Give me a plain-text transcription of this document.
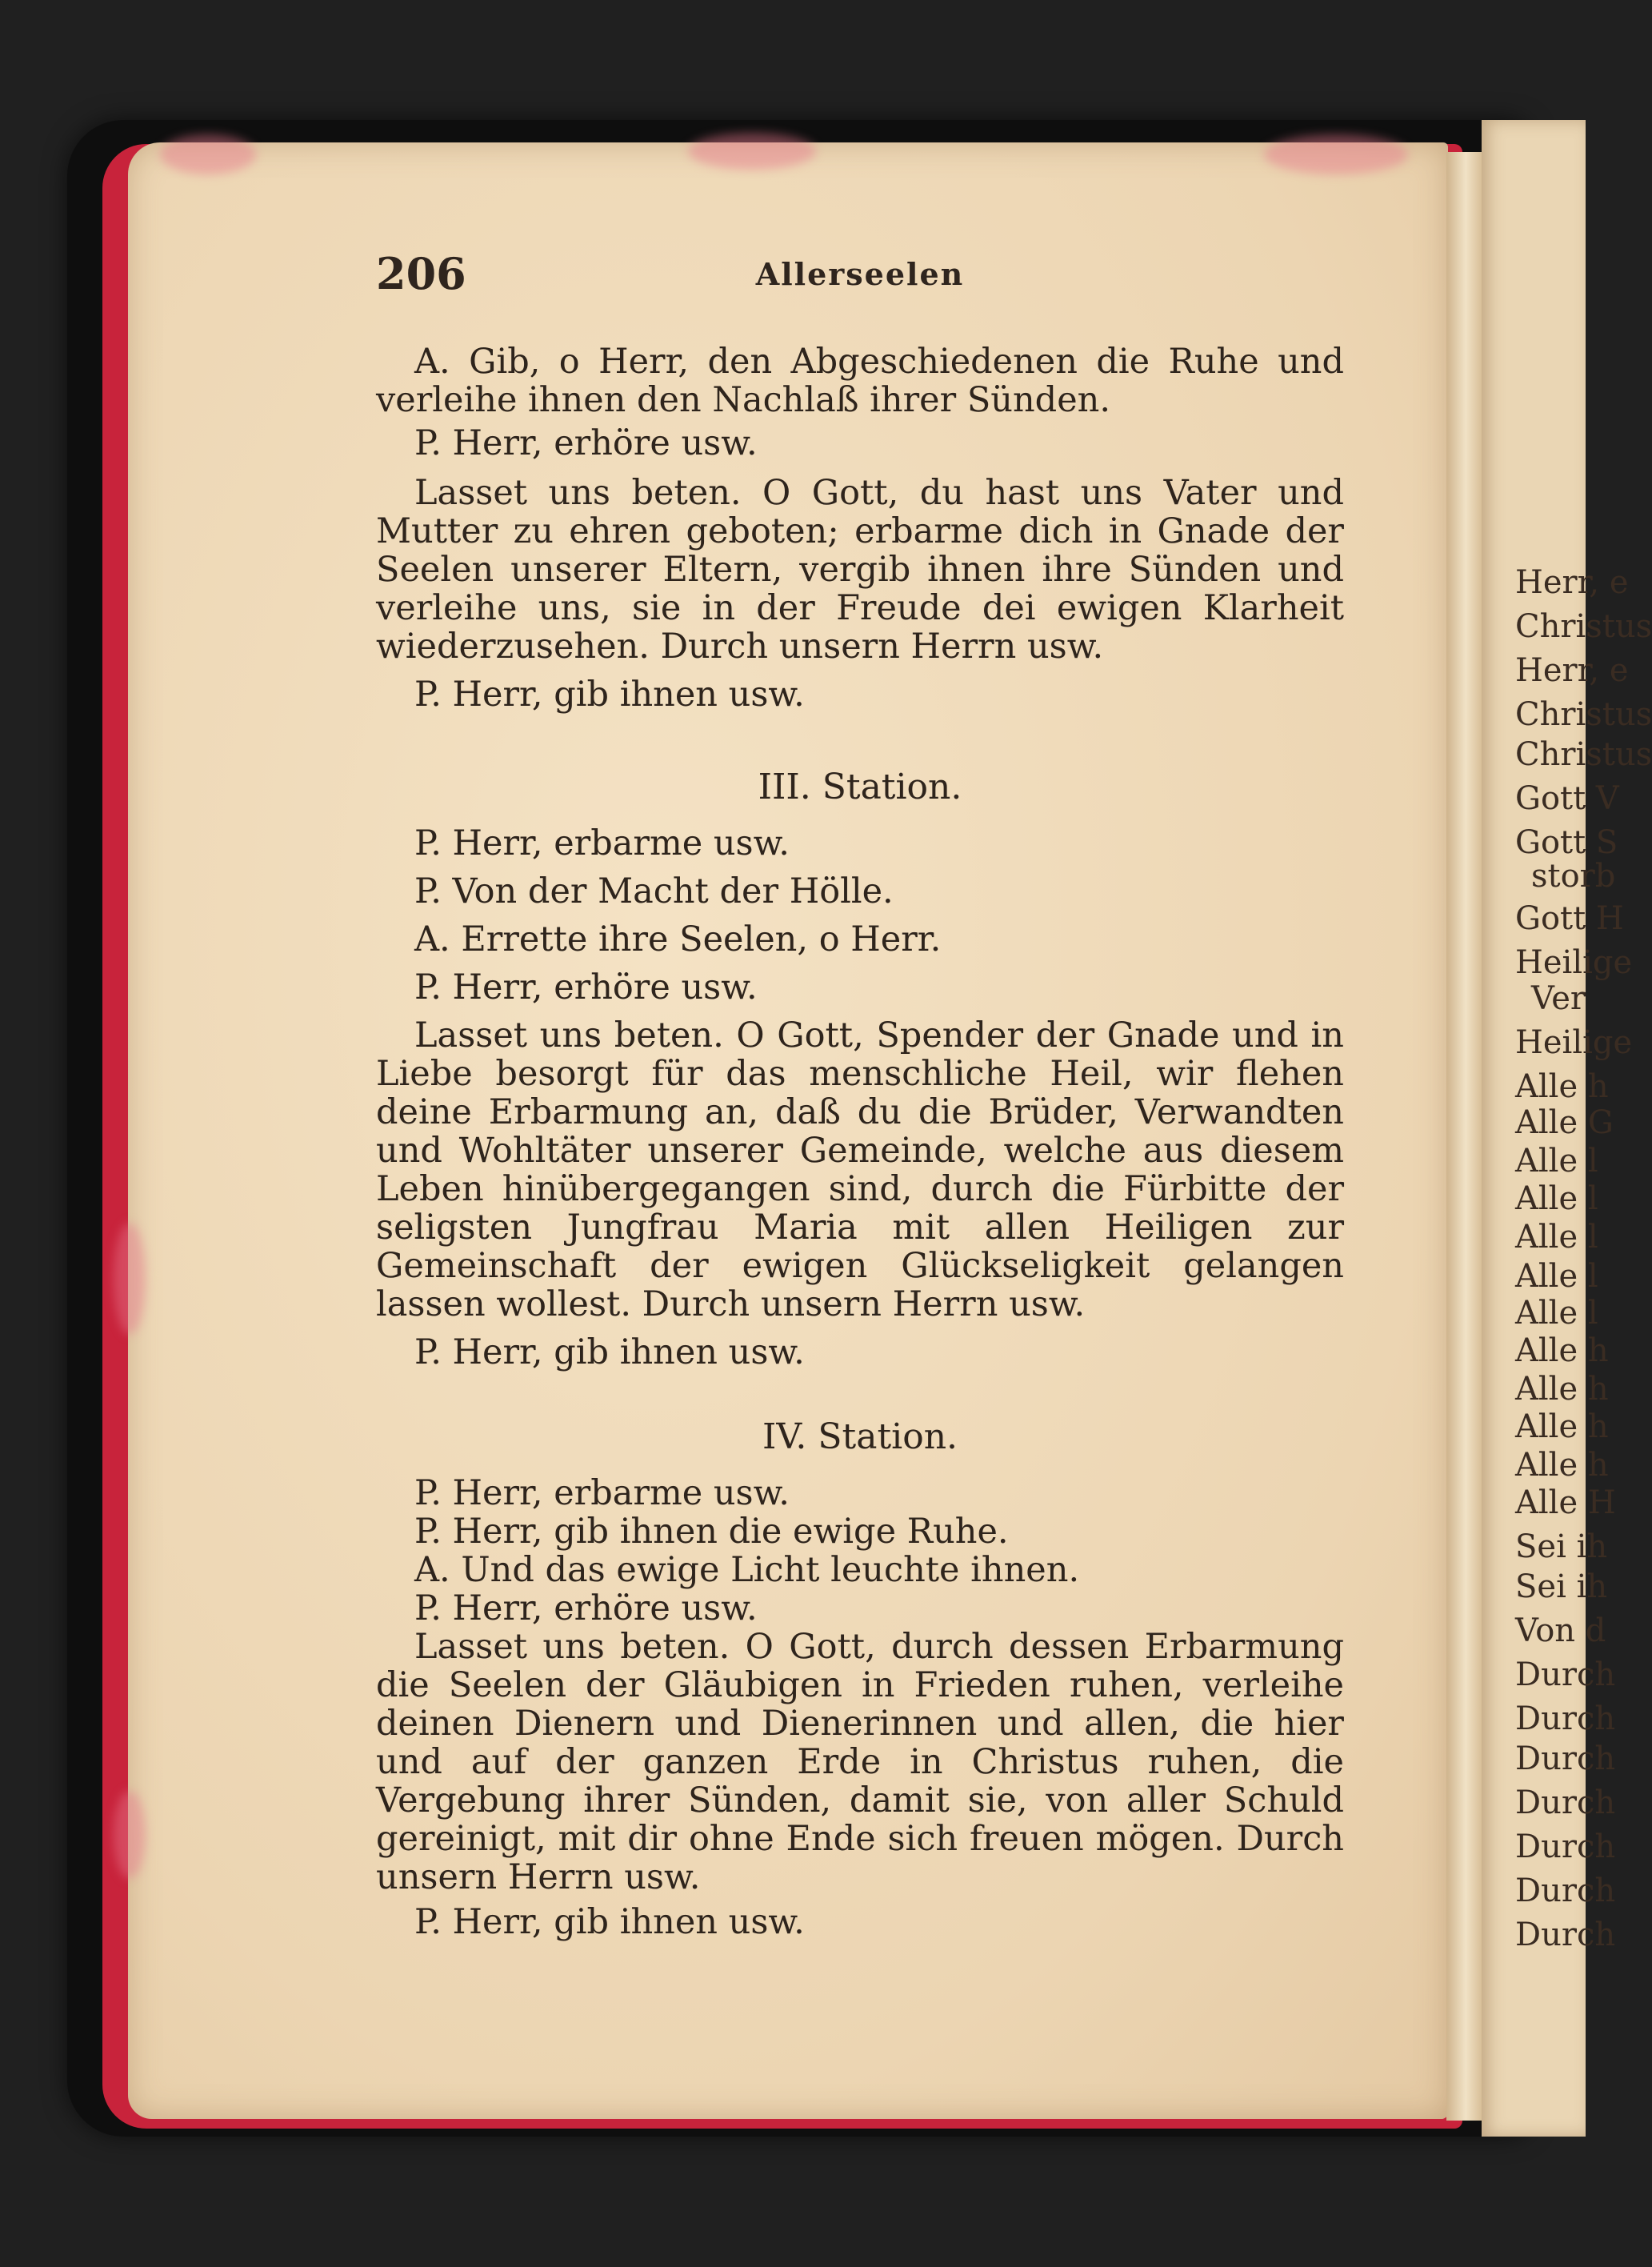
Herr, e
Christus
Herr, e
Christus
Christus
Gott V
Gott S
storb
Gott H
Heilige
Ver
Heilige
Alle h
Alle G
Alle l
Alle l
Alle l
Alle l
Alle l
Alle h
Alle h
Alle h
Alle h
Alle H
Sei ih
Sei ih
Von d
Durch
Durch
Durch
Durch
Durch
Durch
Durch
206	Allerseelen

A. Gib, o Herr, den Abgeschiedenen die Ruhe und verleihe ihnen den Nachlaß ihrer Sünden.

P. Herr, erhöre usw.

Lasset uns beten. O Gott, du hast uns Vater und Mutter zu ehren geboten; erbarme dich in Gnade der Seelen unserer Eltern, vergib ihnen ihre Sünden und verleihe uns, sie in der Freude dei ewigen Klarheit wiederzusehen. Durch unsern Herrn usw.

P. Herr, gib ihnen usw.

III. Station.

P. Herr, erbarme usw.

P. Von der Macht der Hölle.

A. Errette ihre Seelen, o Herr.

P. Herr, erhöre usw.

Lasset uns beten. O Gott, Spender der Gnade und in Liebe besorgt für das menschliche Heil, wir flehen deine Erbarmung an, daß du die Brüder, Verwandten und Wohltäter unserer Gemeinde, welche aus diesem Leben hinübergegangen sind, durch die Fürbitte der seligsten Jungfrau Maria mit allen Heiligen zur Gemeinschaft der ewigen Glückseligkeit gelangen lassen wollest. Durch unsern Herrn usw.

P. Herr, gib ihnen usw.

IV. Station.

P. Herr, erbarme usw.

P. Herr, gib ihnen die ewige Ruhe.

A. Und das ewige Licht leuchte ihnen.

P. Herr, erhöre usw.

Lasset uns beten. O Gott, durch dessen Erbarmung die Seelen der Gläubigen in Frieden ruhen, verleihe deinen Dienern und Dienerinnen und allen, die hier und auf der ganzen Erde in Christus ruhen, die Vergebung ihrer Sünden, damit sie, von aller Schuld gereinigt, mit dir ohne Ende sich freuen mögen. Durch unsern Herrn usw.

P. Herr, gib ihnen usw.
